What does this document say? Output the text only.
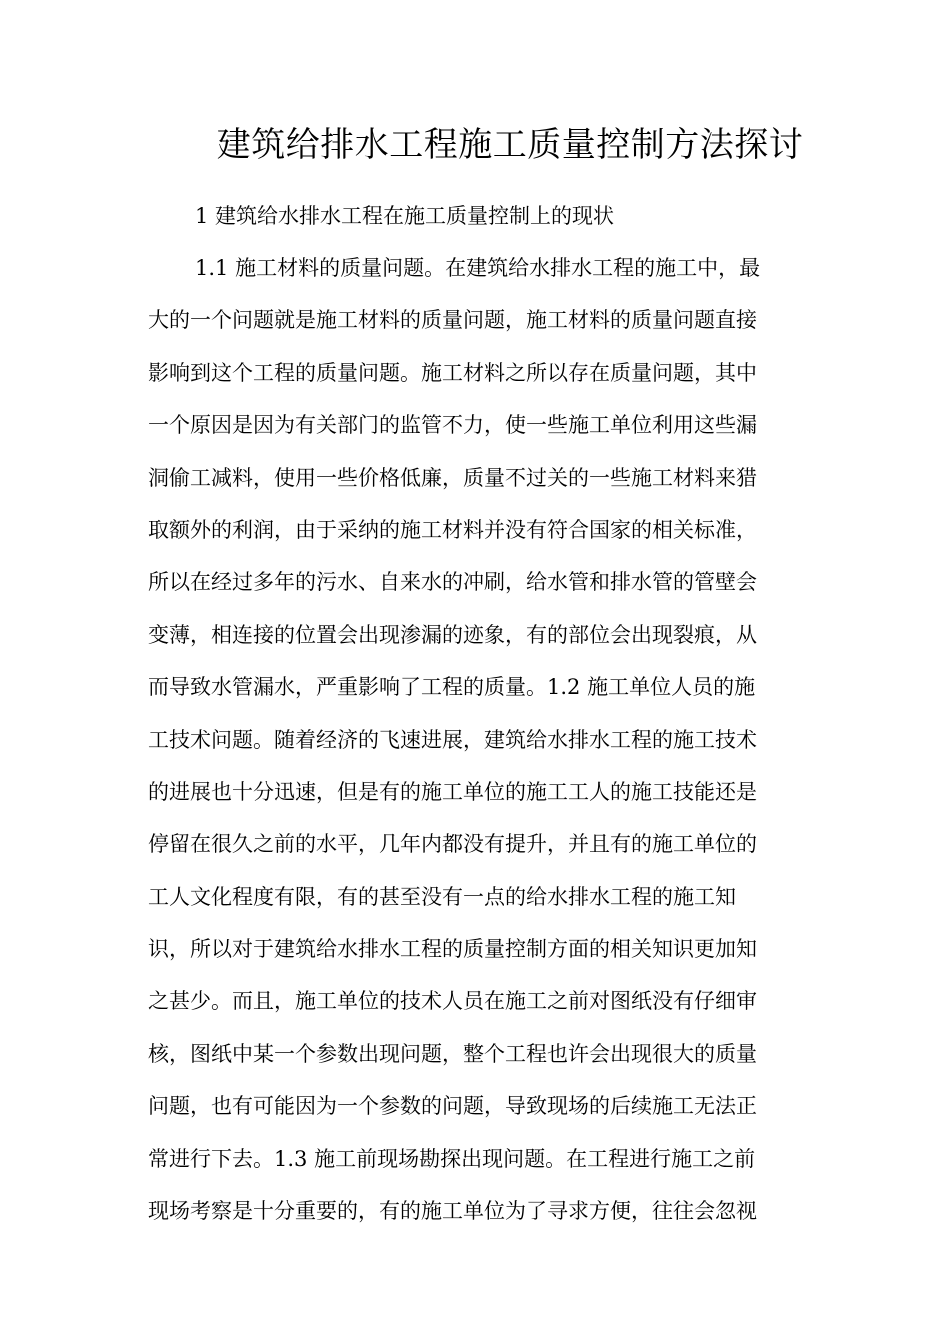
建筑给排水工程施工质量控制方法探讨
1 建筑给水排水工程在施工质量控制上的现状
1.1 施工材料的质量问题。在建筑给水排水工程的施工中，最
大的一个问题就是施工材料的质量问题，施工材料的质量问题直接
影响到这个工程的质量问题。施工材料之所以存在质量问题，其中
一个原因是因为有关部门的监管不力，使一些施工单位利用这些漏
洞偷工减料，使用一些价格低廉，质量不过关的一些施工材料来猎
取额外的利润，由于采纳的施工材料并没有符合国家的相关标准，
所以在经过多年的污水、自来水的冲刷，给水管和排水管的管壁会
变薄，相连接的位置会出现渗漏的迹象，有的部位会出现裂痕，从
而导致水管漏水，严重影响了工程的质量。1.2 施工单位人员的施
工技术问题。随着经济的飞速进展，建筑给水排水工程的施工技术
的进展也十分迅速，但是有的施工单位的施工工人的施工技能还是
停留在很久之前的水平，几年内都没有提升，并且有的施工单位的
工人文化程度有限，有的甚至没有一点的给水排水工程的施工知
识，所以对于建筑给水排水工程的质量控制方面的相关知识更加知
之甚少。而且，施工单位的技术人员在施工之前对图纸没有仔细审
核，图纸中某一个参数出现问题，整个工程也许会出现很大的质量
问题，也有可能因为一个参数的问题，导致现场的后续施工无法正
常进行下去。1.3 施工前现场勘探出现问题。在工程进行施工之前
现场考察是十分重要的，有的施工单位为了寻求方便，往往会忽视
